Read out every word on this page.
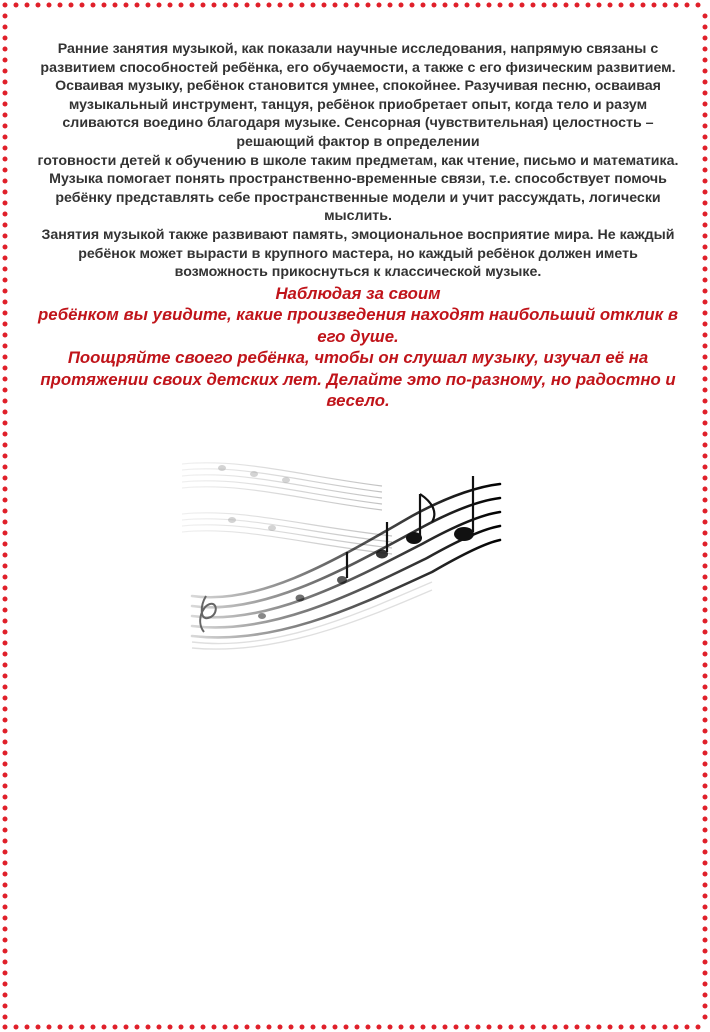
Ранние занятия музыкой, как показали научные исследования, напрямую связаны с развитием способностей ребёнка, его обучаемости, а также с его физическим развитием.

Осваивая музыку, ребёнок становится умнее, спокойнее. Разучивая песню, осваивая музыкальный инструмент, танцуя, ребёнок приобретает опыт, когда тело и разум сливаются воедино благодаря музыке. Сенсорная (чувствительная) целостность – решающий фактор в определении

готовности детей к обучению в школе таким предметам, как чтение, письмо и математика.

Музыка помогает понять пространственно-временные связи, т.е. способствует помочь ребёнку представлять себе пространственные модели и учит рассуждать, логически мыслить.

Занятия музыкой также развивают память, эмоциональное восприятие мира. Не каждый ребёнок может вырасти в крупного мастера, но каждый ребёнок должен иметь возможность прикоснуться к классической музыке.

Наблюдая за своим

ребёнком вы увидите, какие произведения находят наибольший отклик в его душе.

Поощряйте своего ребёнка, чтобы он слушал музыку, изучал её на протяжении своих детских лет. Делайте это по-разному, но радостно и весело.
